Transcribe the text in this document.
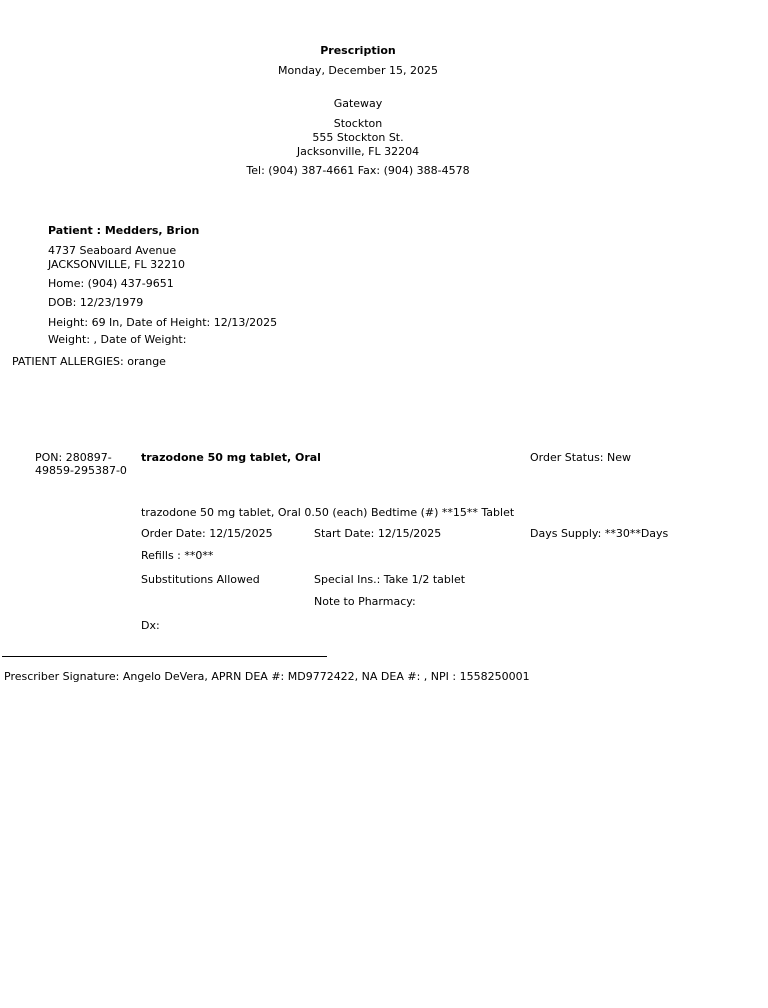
Prescription
Monday, December 15, 2025
Gateway
Stockton
555 Stockton St.
Jacksonville, FL 32204
Tel: (904) 387-4661 Fax: (904) 388-4578
Patient : Medders, Brion
4737 Seaboard Avenue
JACKSONVILLE, FL 32210
Home: (904) 437-9651
DOB: 12/23/1979
Height: 69 In, Date of Height: 12/13/2025
Weight: , Date of Weight:
PATIENT ALLERGIES: orange
PON: 280897-
49859-295387-0
trazodone 50 mg tablet, Oral	Order Status: New
trazodone 50 mg tablet, Oral 0.50 (each) Bedtime (#) **15** Tablet
Order Date: 12/15/2025	Start Date: 12/15/2025	Days Supply: **30**Days
Refills : **0**
Substitutions Allowed	Special Ins.: Take 1/2 tablet
Note to Pharmacy:
Dx:
Prescriber Signature: Angelo DeVera, APRN DEA #: MD9772422, NA DEA #: , NPI : 1558250001
